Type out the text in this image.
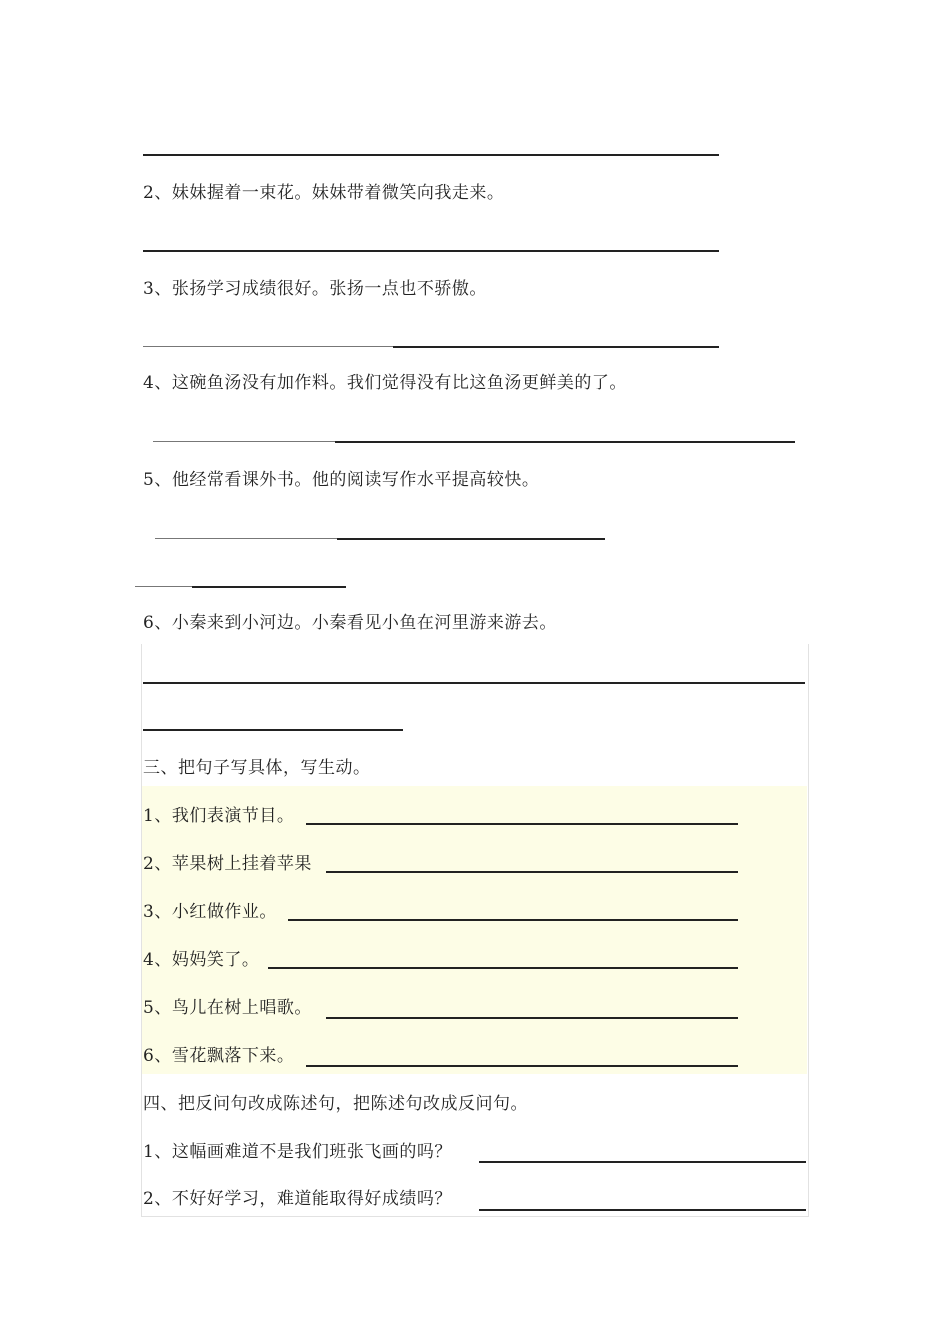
2、妹妹握着一束花。妹妹带着微笑向我走来。
3、张扬学习成绩很好。张扬一点也不骄傲。
4、这碗鱼汤没有加作料。我们觉得没有比这鱼汤更鲜美的了。
5、他经常看课外书。他的阅读写作水平提高较快。
6、小秦来到小河边。小秦看见小鱼在河里游来游去。
三、把句子写具体，写生动。
1、我们表演节目。
2、苹果树上挂着苹果
3、小红做作业。
4、妈妈笑了。
5、鸟儿在树上唱歌。
6、雪花飘落下来。
四、把反问句改成陈述句，把陈述句改成反问句。
1、这幅画难道不是我们班张飞画的吗？
2、不好好学习，难道能取得好成绩吗？
